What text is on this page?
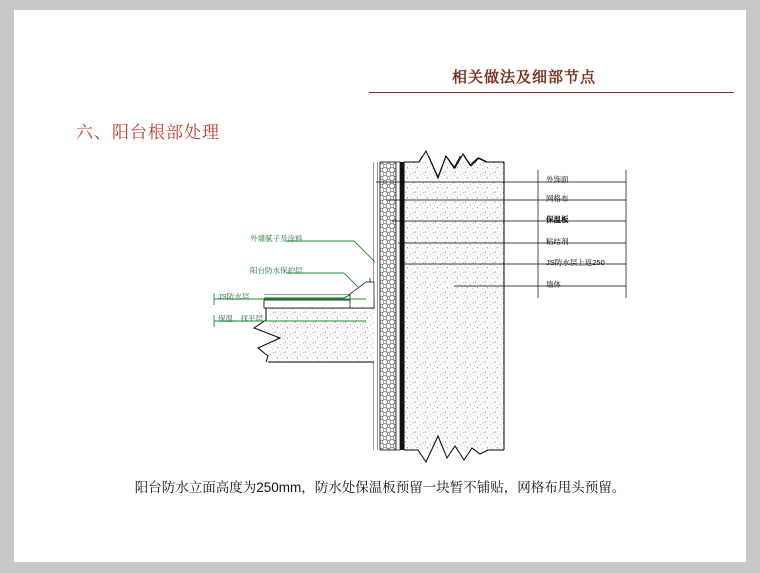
相关做法及细部节点
六、阳台根部处理
外墙腻子及涂料
阳台防水保护层
JS防水层
保温、找平层
外饰面
网格布
保温板
粘结剂
JS防水层上返250
墙体
阳台防水立面高度为250mm，防水处保温板预留一块暂不铺贴，网格布甩头预留。
